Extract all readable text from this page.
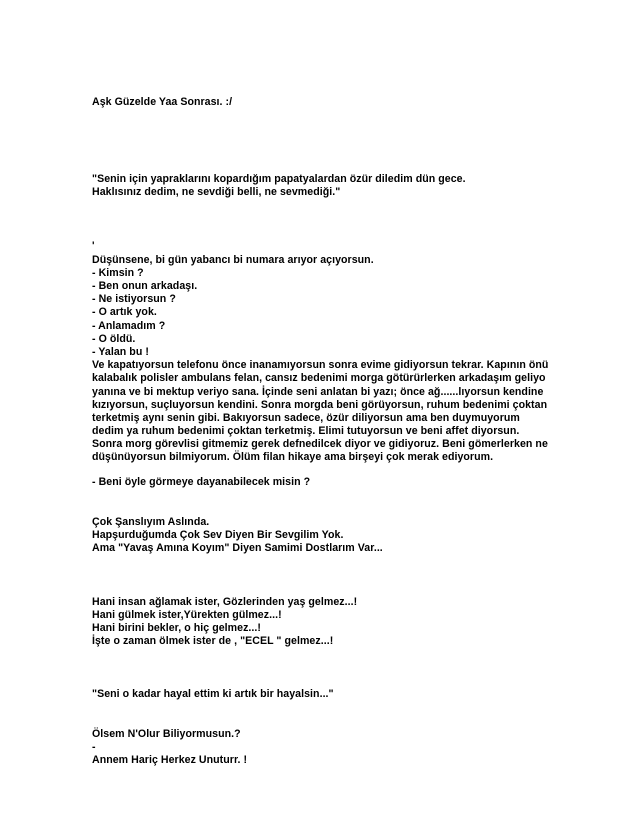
Aşk Güzelde Yaa Sonrası. :/
"Senin için yapraklarını kopardığım papatyalardan özür diledim dün gece.
Haklısınız dedim, ne sevdiği belli, ne sevmediği."
'
Düşünsene, bi gün yabancı bi numara arıyor açıyorsun.
- Kimsin ?
- Ben onun arkadaşı.
- Ne istiyorsun ?
- O artık yok.
- Anlamadım ?
- O öldü.
- Yalan bu !
Ve kapatıyorsun telefonu önce inanamıyorsun sonra evime gidiyorsun tekrar. Kapının önü
kalabalık polisler ambulans felan, cansız bedenimi morga götürürlerken arkadaşım geliyo
yanına ve bi mektup veriyo sana. İçinde seni anlatan bi yazı; önce ağ......lıyorsun kendine
kızıyorsun, suçluyorsun kendini. Sonra morgda beni görüyorsun, ruhum bedenimi çoktan
terketmiş aynı senin gibi. Bakıyorsun sadece, özür diliyorsun ama ben duymuyorum
dedim ya ruhum bedenimi çoktan terketmiş. Elimi tutuyorsun ve beni affet diyorsun.
Sonra morg görevlisi gitmemiz gerek defnedilcek diyor ve gidiyoruz. Beni gömerlerken ne
düşünüyorsun bilmiyorum. Ölüm filan hikaye ama birşeyi çok merak ediyorum.
- Beni öyle görmeye dayanabilecek misin ?
Çok Şanslıyım Aslında.
Hapşurduğumda Çok Sev Diyen Bir Sevgilim Yok.
Ama "Yavaş Amına Koyım" Diyen Samimi Dostlarım Var...
Hani insan ağlamak ister, Gözlerinden yaş gelmez...!
Hani gülmek ister,Yürekten gülmez...!
Hani birini bekler, o hiç gelmez...!
İşte o zaman ölmek ister de , "ECEL " gelmez...!
"Seni o kadar hayal ettim ki artık bir hayalsin..."
Ölsem N'Olur Biliyormusun.?
-
Annem Hariç Herkez Unuturr. !
